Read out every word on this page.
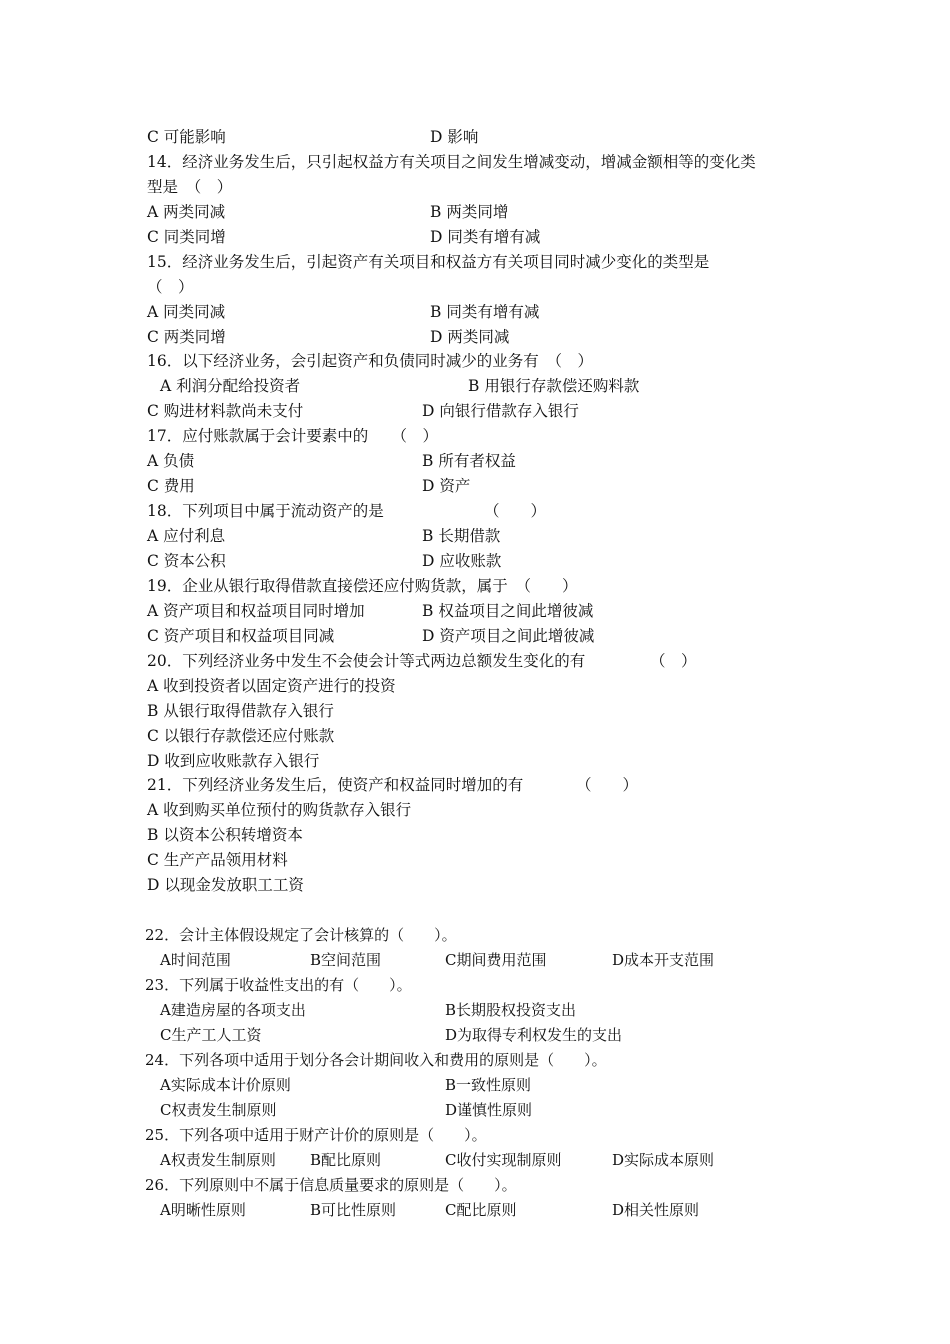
C 可能影响	D 影响
14．经济业务发生后，只引起权益方有关项目之间发生增减变动，增减金额相等的变化类
型是　（　）
A 两类同减	B 两类同增
C 同类同增	D 同类有增有减
15．经济业务发生后，引起资产有关项目和权益方有关项目同时减少变化的类型是
（　）
A 同类同减	B 同类有增有减
C 两类同增	D 两类同减
16．以下经济业务，会引起资产和负债同时减少的业务有　（　）
A 利润分配给投资者	B 用银行存款偿还购料款
C 购进材料款尚未支付	D 向银行借款存入银行
17．应付账款属于会计要素中的　　（　）
A 负债	B 所有者权益
C 费用	D 资产
18．下列项目中属于流动资产的是	（　　）
A 应付利息	B 长期借款
C 资本公积	D 应收账款
19．企业从银行取得借款直接偿还应付购货款，属于　（　　）
A 资产项目和权益项目同时增加	B 权益项目之间此增彼减
C 资产项目和权益项目同减	D 资产项目之间此增彼减
20．下列经济业务中发生不会使会计等式两边总额发生变化的有	（　）
A 收到投资者以固定资产进行的投资
B 从银行取得借款存入银行
C 以银行存款偿还应付账款
D 收到应收账款存入银行
21．下列经济业务发生后，使资产和权益同时增加的有	（　　）
A 收到购买单位预付的购货款存入银行
B 以资本公积转增资本
C 生产产品领用材料
D 以现金发放职工工资
22．会计主体假设规定了会计核算的（　　）。
A时间范围	B空间范围	C期间费用范围	D成本开支范围
23．下列属于收益性支出的有（　　）。
A建造房屋的各项支出	B长期股权投资支出
C生产工人工资	D为取得专利权发生的支出
24．下列各项中适用于划分各会计期间收入和费用的原则是（　　）。
A实际成本计价原则	B一致性原则
C权责发生制原则	D谨慎性原则
25．下列各项中适用于财产计价的原则是（　　）。
A权责发生制原则 B配比原则	C收付实现制原则	D实际成本原则
26．下列原则中不属于信息质量要求的原则是（　　）。
A明晰性原则	B可比性原则	C配比原则	D相关性原则
